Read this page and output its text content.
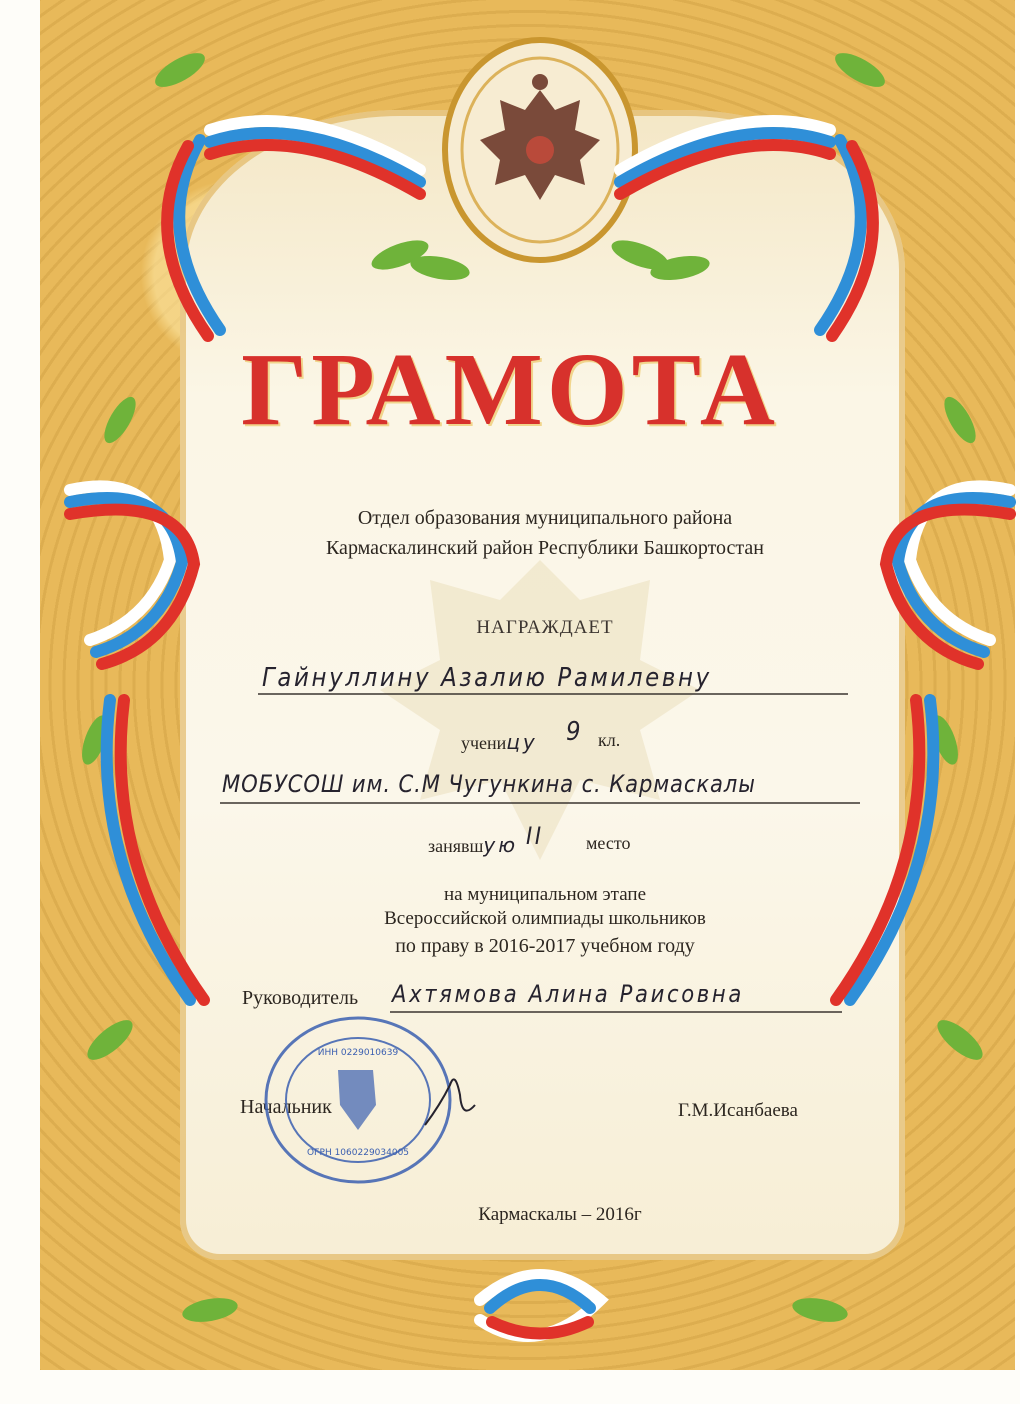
ГРАМОТА
Отдел образования муниципального района
Кармаскалинский район Республики Башкортостан
НАГРАЖДАЕТ
Гайнуллину Азалию Рамилевну
ученицу 9 кл.
МОБУСОШ им. С.М Чугункина с. Кармаскалы
занявшую II место
на муниципальном этапе
Всероссийской олимпиады школьников
по праву в 2016-2017 учебном году
Руководитель Ахтямова Алина Раисовна
Начальник	Г.М.Исанбаева
ИНН 0229010639
ОГРН 1060229034005
Кармаскалы – 2016г
